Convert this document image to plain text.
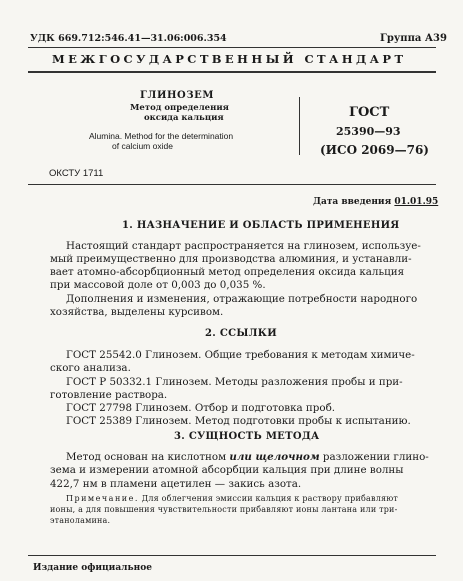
УДК 669.712:546.41—31.06:006.354	Группа А39
МЕЖГОСУДАРСТВЕННЫЙ СТАНДАРТ
ГЛИНОЗЕМ
Метод определения
оксида кальция
Alumina. Method for the determination
of calcium oxide
ГОСТ
25390—93
(ИСО 2069—76)
ОКСТУ 1711
Дата введения 01.01.95
1. НАЗНАЧЕНИЕ И ОБЛАСТЬ ПРИМЕНЕНИЯ
Настоящий стандарт распространяется на глинозем, используе-
мый преимущественно для производства алюминия, и устанавли-
вает атомно-абсорбционный метод определения оксида кальция
при массовой доле от 0,003 до 0,035 %.
Дополнения и изменения, отражающие потребности народного
хозяйства, выделены курсивом.
2. ССЫЛКИ
ГОСТ 25542.0 Глинозем. Общие требования к методам химиче-
ского анализа.
ГОСТ Р 50332.1 Глинозем. Методы разложения пробы и при-
готовление раствора.
ГОСТ 27798 Глинозем. Отбор и подготовка проб.
ГОСТ 25389 Глинозем. Метод подготовки пробы к испытанию.
3. СУЩНОСТЬ МЕТОДА
Метод основан на кислотном или щелочном разложении глино-
зема и измерении атомной абсорбции кальция при длине волны
422,7 нм в пламени ацетилен — закись азота.
Примечание. Для облегчения эмиссии кальция к раствору прибавляют
ионы, а для повышения чувствительности прибавляют ионы лантана или три-
этаноламина.
Издание официальное
